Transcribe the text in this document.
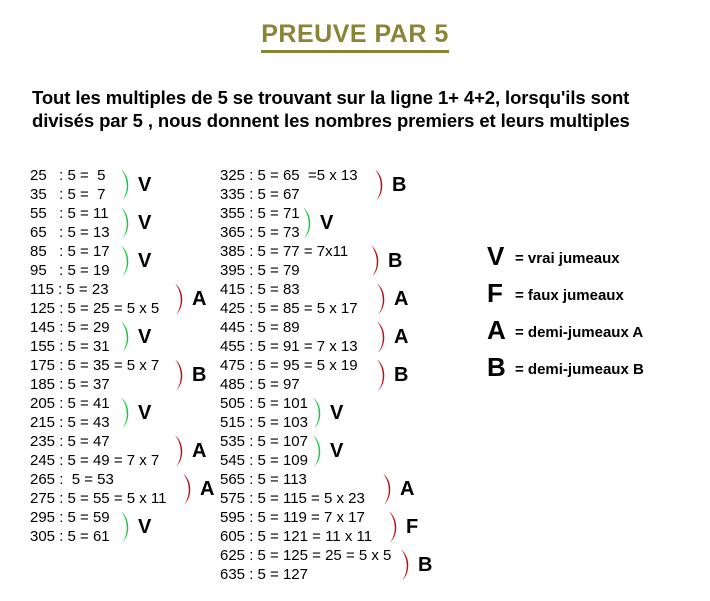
PREUVE PAR 5
Tout les multiples de 5 se trouvant sur la ligne 1+ 4+2, lorsqu'ils sont divisés par 5 , nous donnent les nombres premiers et leurs multiples
25   : 5 =  5
35   : 5 =  7
55   : 5 = 11
65   : 5 = 13
85   : 5 = 17
95   : 5 = 19
115 : 5 = 23
125 : 5 = 25 = 5 x 5
145 : 5 = 29
155 : 5 = 31
175 : 5 = 35 = 5 x 7
185 : 5 = 37
205 : 5 = 41
215 : 5 = 43
235 : 5 = 47
245 : 5 = 49 = 7 x 7
265 :  5 = 53
275 : 5 = 55 = 5 x 11
295 : 5 = 59
305 : 5 = 61
V
V
V
A
V
B
V
A
A
V
325 : 5 = 65  =5 x 13
335 : 5 = 67
355 : 5 = 71
365 : 5 = 73
385 : 5 = 77 = 7x11
395 : 5 = 79
415 : 5 = 83
425 : 5 = 85 = 5 x 17
445 : 5 = 89
455 : 5 = 91 = 7 x 13
475 : 5 = 95 = 5 x 19
485 : 5 = 97
505 : 5 = 101
515 : 5 = 103
535 : 5 = 107
545 : 5 = 109
565 : 5 = 113
575 : 5 = 115 = 5 x 23
595 : 5 = 119 = 7 x 17
605 : 5 = 121 = 11 x 11
625 : 5 = 125 = 25 = 5 x 5
635 : 5 = 127
B
V
B
A
A
B
V
V
A
F
B
V = vrai jumeaux
F = faux jumeaux
A = demi-jumeaux A
B = demi-jumeaux B
